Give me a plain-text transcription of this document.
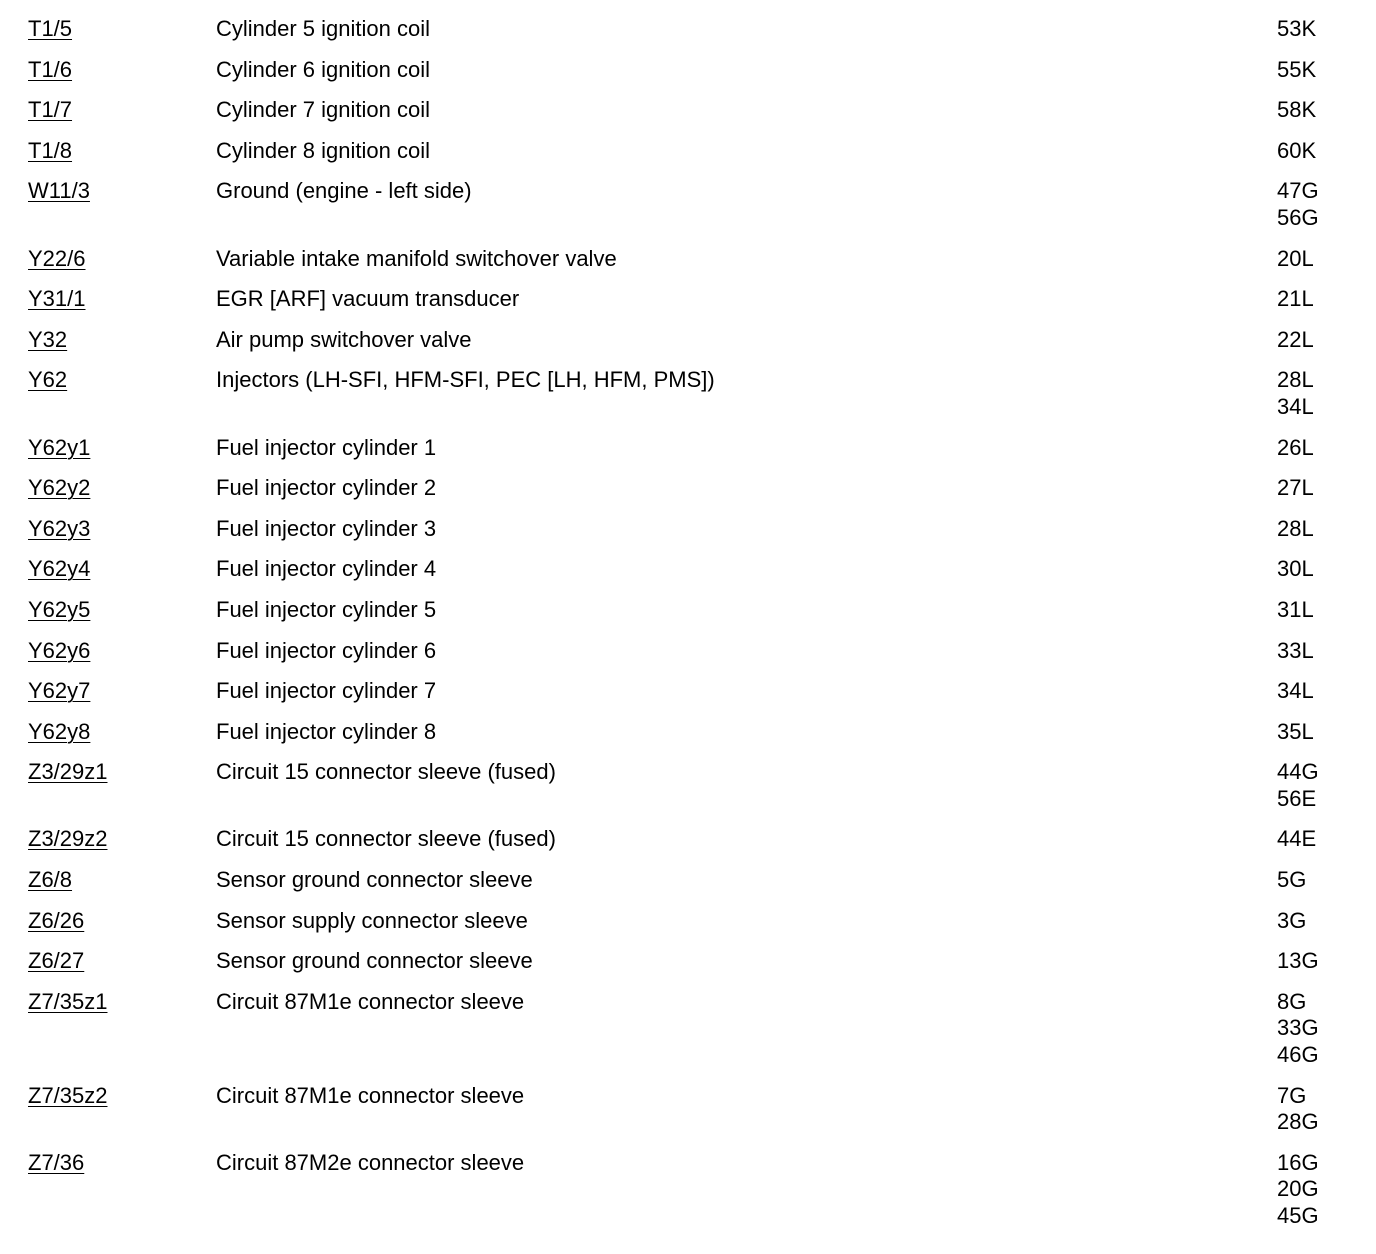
T1/5	Cylinder 5 ignition coil	53K
T1/6	Cylinder 6 ignition coil	55K
T1/7	Cylinder 7 ignition coil	58K
T1/8	Cylinder 8 ignition coil	60K
W11/3	Ground (engine - left side)	47G
56G
Y22/6	Variable intake manifold switchover valve	20L
Y31/1	EGR [ARF] vacuum transducer	21L
Y32	Air pump switchover valve	22L
Y62	Injectors (LH-SFI, HFM-SFI, PEC [LH, HFM, PMS])	28L
34L
Y62y1	Fuel injector cylinder 1	26L
Y62y2	Fuel injector cylinder 2	27L
Y62y3	Fuel injector cylinder 3	28L
Y62y4	Fuel injector cylinder 4	30L
Y62y5	Fuel injector cylinder 5	31L
Y62y6	Fuel injector cylinder 6	33L
Y62y7	Fuel injector cylinder 7	34L
Y62y8	Fuel injector cylinder 8	35L
Z3/29z1	Circuit 15 connector sleeve (fused)	44G
56E
Z3/29z2	Circuit 15 connector sleeve (fused)	44E
Z6/8	Sensor ground connector sleeve	5G
Z6/26	Sensor supply connector sleeve	3G
Z6/27	Sensor ground connector sleeve	13G
Z7/35z1	Circuit 87M1e connector sleeve	8G
33G
46G
Z7/35z2	Circuit 87M1e connector sleeve	7G
28G
Z7/36	Circuit 87M2e connector sleeve	16G
20G
45G
